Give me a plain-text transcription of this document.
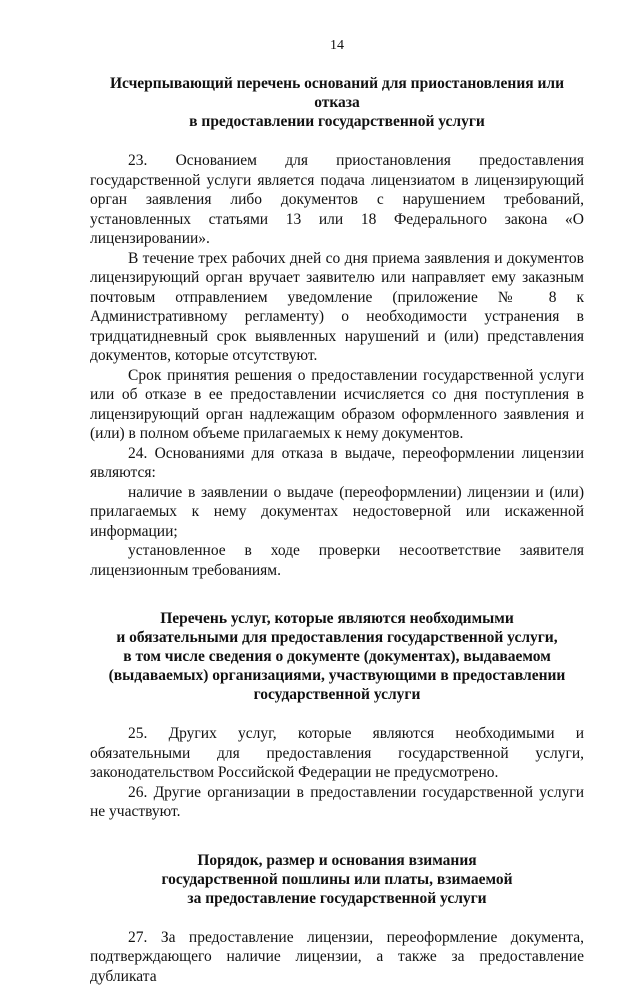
14
Исчерпывающий перечень оснований для приостановления или отказа
в предоставлении государственной услуги

23. Основанием для приостановления предоставления государственной услуги является подача лицензиатом в лицензирующий орган заявления либо документов с нарушением требований, установленных статьями 13 или 18 Федерального закона «О лицензировании».

В течение трех рабочих дней со дня приема заявления и документов лицензирующий орган вручает заявителю или направляет ему заказным почтовым отправлением уведомление (приложение № 8 к Административному регламенту) о необходимости устранения в тридцатидневный срок выявленных нарушений и (или) представления документов, которые отсутствуют.

Срок принятия решения о предоставлении государственной услуги или об отказе в ее предоставлении исчисляется со дня поступления в лицензирующий орган надлежащим образом оформленного заявления и (или) в полном объеме прилагаемых к нему документов.

24. Основаниями для отказа в выдаче, переоформлении лицензии являются:

наличие в заявлении о выдаче (переоформлении) лицензии и (или) прилагаемых к нему документах недостоверной или искаженной информации;

установленное в ходе проверки несоответствие заявителя лицензионным требованиям.

Перечень услуг, которые являются необходимыми
и обязательными для предоставления государственной услуги,
в том числе сведения о документе (документах), выдаваемом
(выдаваемых) организациями, участвующими в предоставлении
государственной услуги

25. Других услуг, которые являются необходимыми и обязательными для предоставления государственной услуги, законодательством Российской Федерации не предусмотрено.

26. Другие организации в предоставлении государственной услуги не участвуют.

Порядок, размер и основания взимания
государственной пошлины или платы, взимаемой
за предоставление государственной услуги

27. За предоставление лицензии, переоформление документа, подтверждающего наличие лицензии, а также за предоставление дубликата
